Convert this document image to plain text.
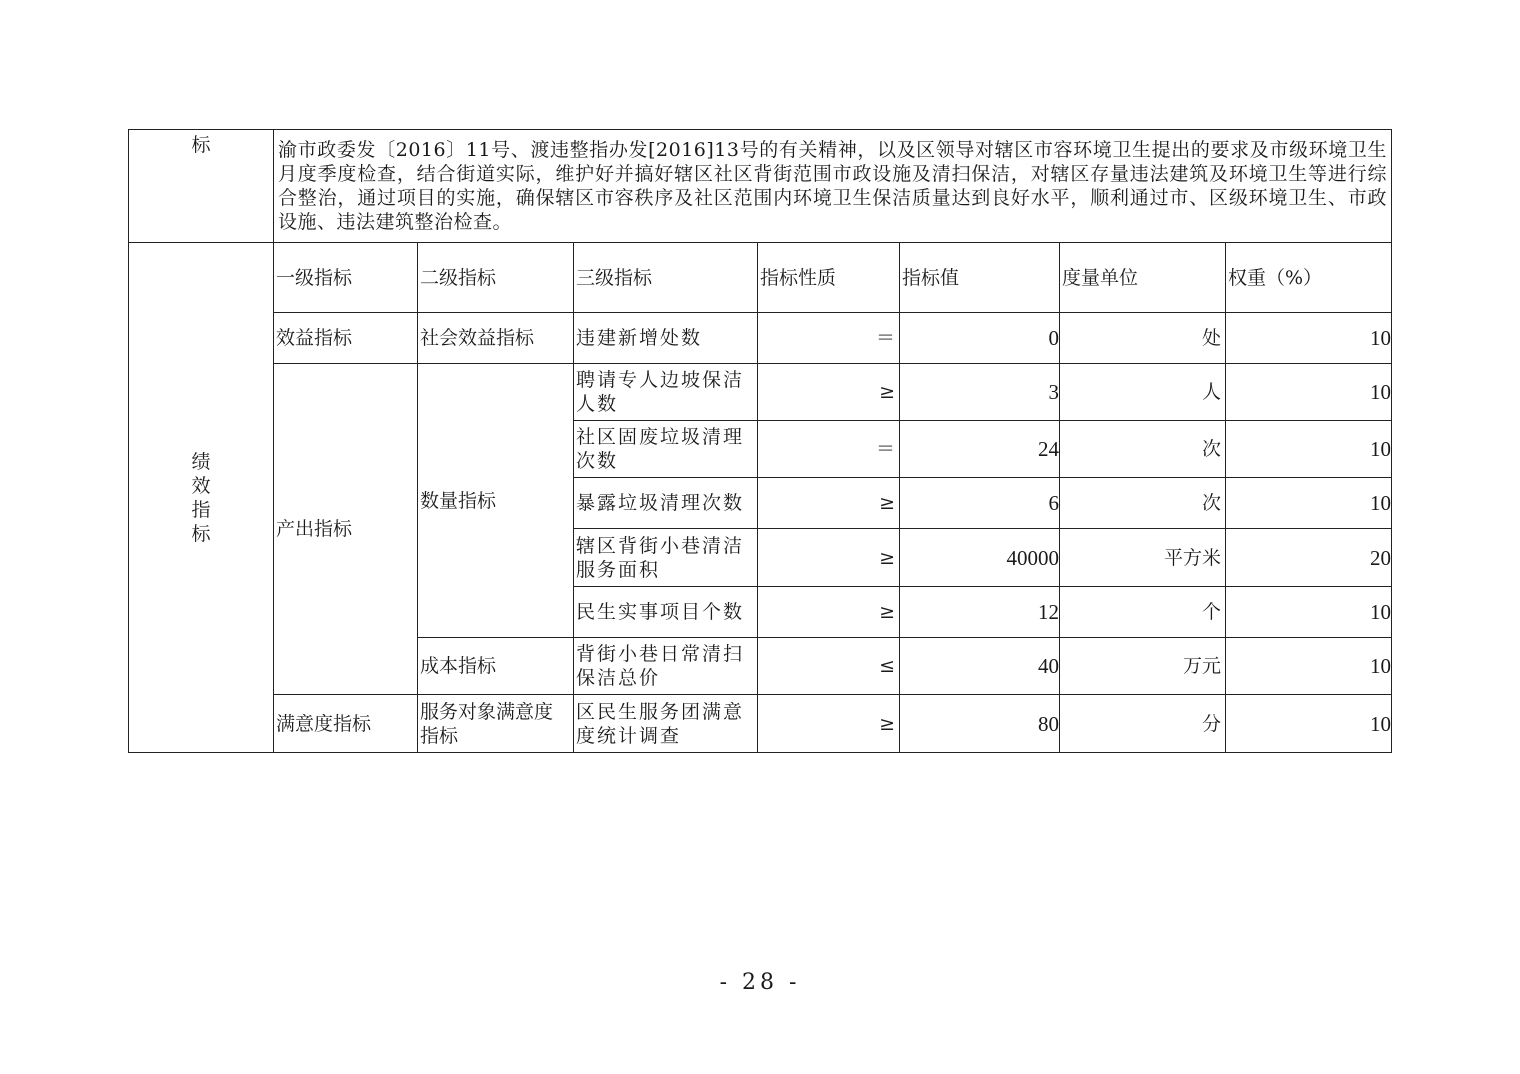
标	渝市政委发〔2016〕11号、渡违整指办发[2016]13号的有关精神，以及区领导对辖区市容环境卫生提出的要求及市级环境卫生月度季度检查，结合街道实际，维护好并搞好辖区社区背街范围市政设施及清扫保洁，对辖区存量违法建筑及环境卫生等进行综合整治，通过项目的实施，确保辖区市容秩序及社区范围内环境卫生保洁质量达到良好水平，顺利通过市、区级环境卫生、市政设施、违法建筑整治检查。						

绩
效
指
标	一级指标	二级指标	三级指标	指标性质	指标值	度量单位	权重（%）
	效益指标	社会效益指标	违建新增处数	＝	0	处	10
	产出指标	数量指标	聘请专人边坡保洁人数	≥	3	人	10
			社区固废垃圾清理次数	＝	24	次	10
			暴露垃圾清理次数	≥	6	次	10
			辖区背街小巷清洁服务面积	≥	40000	平方米	20
			民生实事项目个数	≥	12	个	10
		成本指标	背街小巷日常清扫保洁总价	≤	40	万元	10
	满意度指标	服务对象满意度指标	区民生服务团满意度统计调查	≥	80	分	10
- 28 -
